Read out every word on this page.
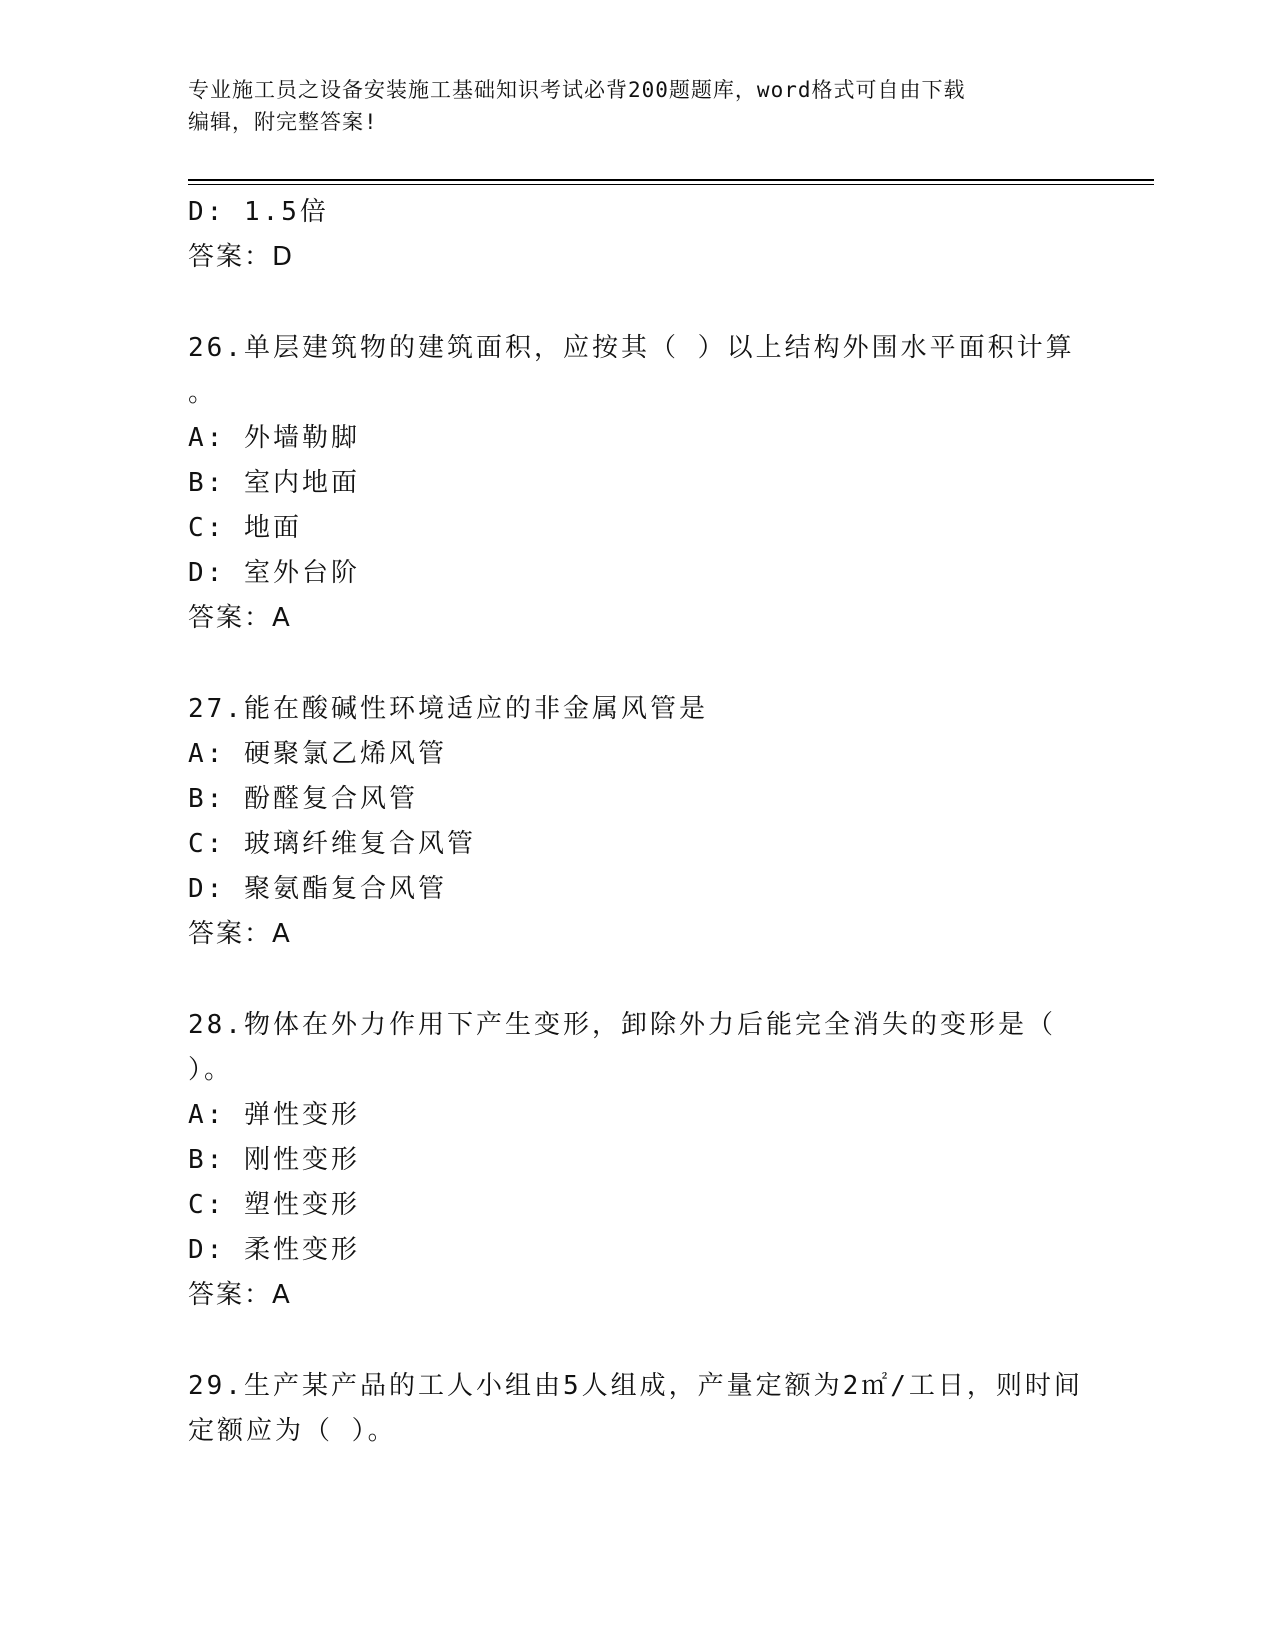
专业施工员之设备安装施工基础知识考试必背200题题库，word格式可自由下载
编辑，附完整答案!
D: 1.5倍
答案：D
26.单层建筑物的建筑面积，应按其（ ）以上结构外围水平面积计算
。
A: 外墙勒脚
B: 室内地面
C: 地面
D: 室外台阶
答案：A
27.能在酸碱性环境适应的非金属风管是
A: 硬聚氯乙烯风管
B: 酚醛复合风管
C: 玻璃纤维复合风管
D: 聚氨酯复合风管
答案：A
28.物体在外力作用下产生变形，卸除外力后能完全消失的变形是（
）。
A: 弹性变形
B: 刚性变形
C: 塑性变形
D: 柔性变形
答案：A
29.生产某产品的工人小组由5人组成，产量定额为2㎡/工日，则时间
定额应为（ ）。
